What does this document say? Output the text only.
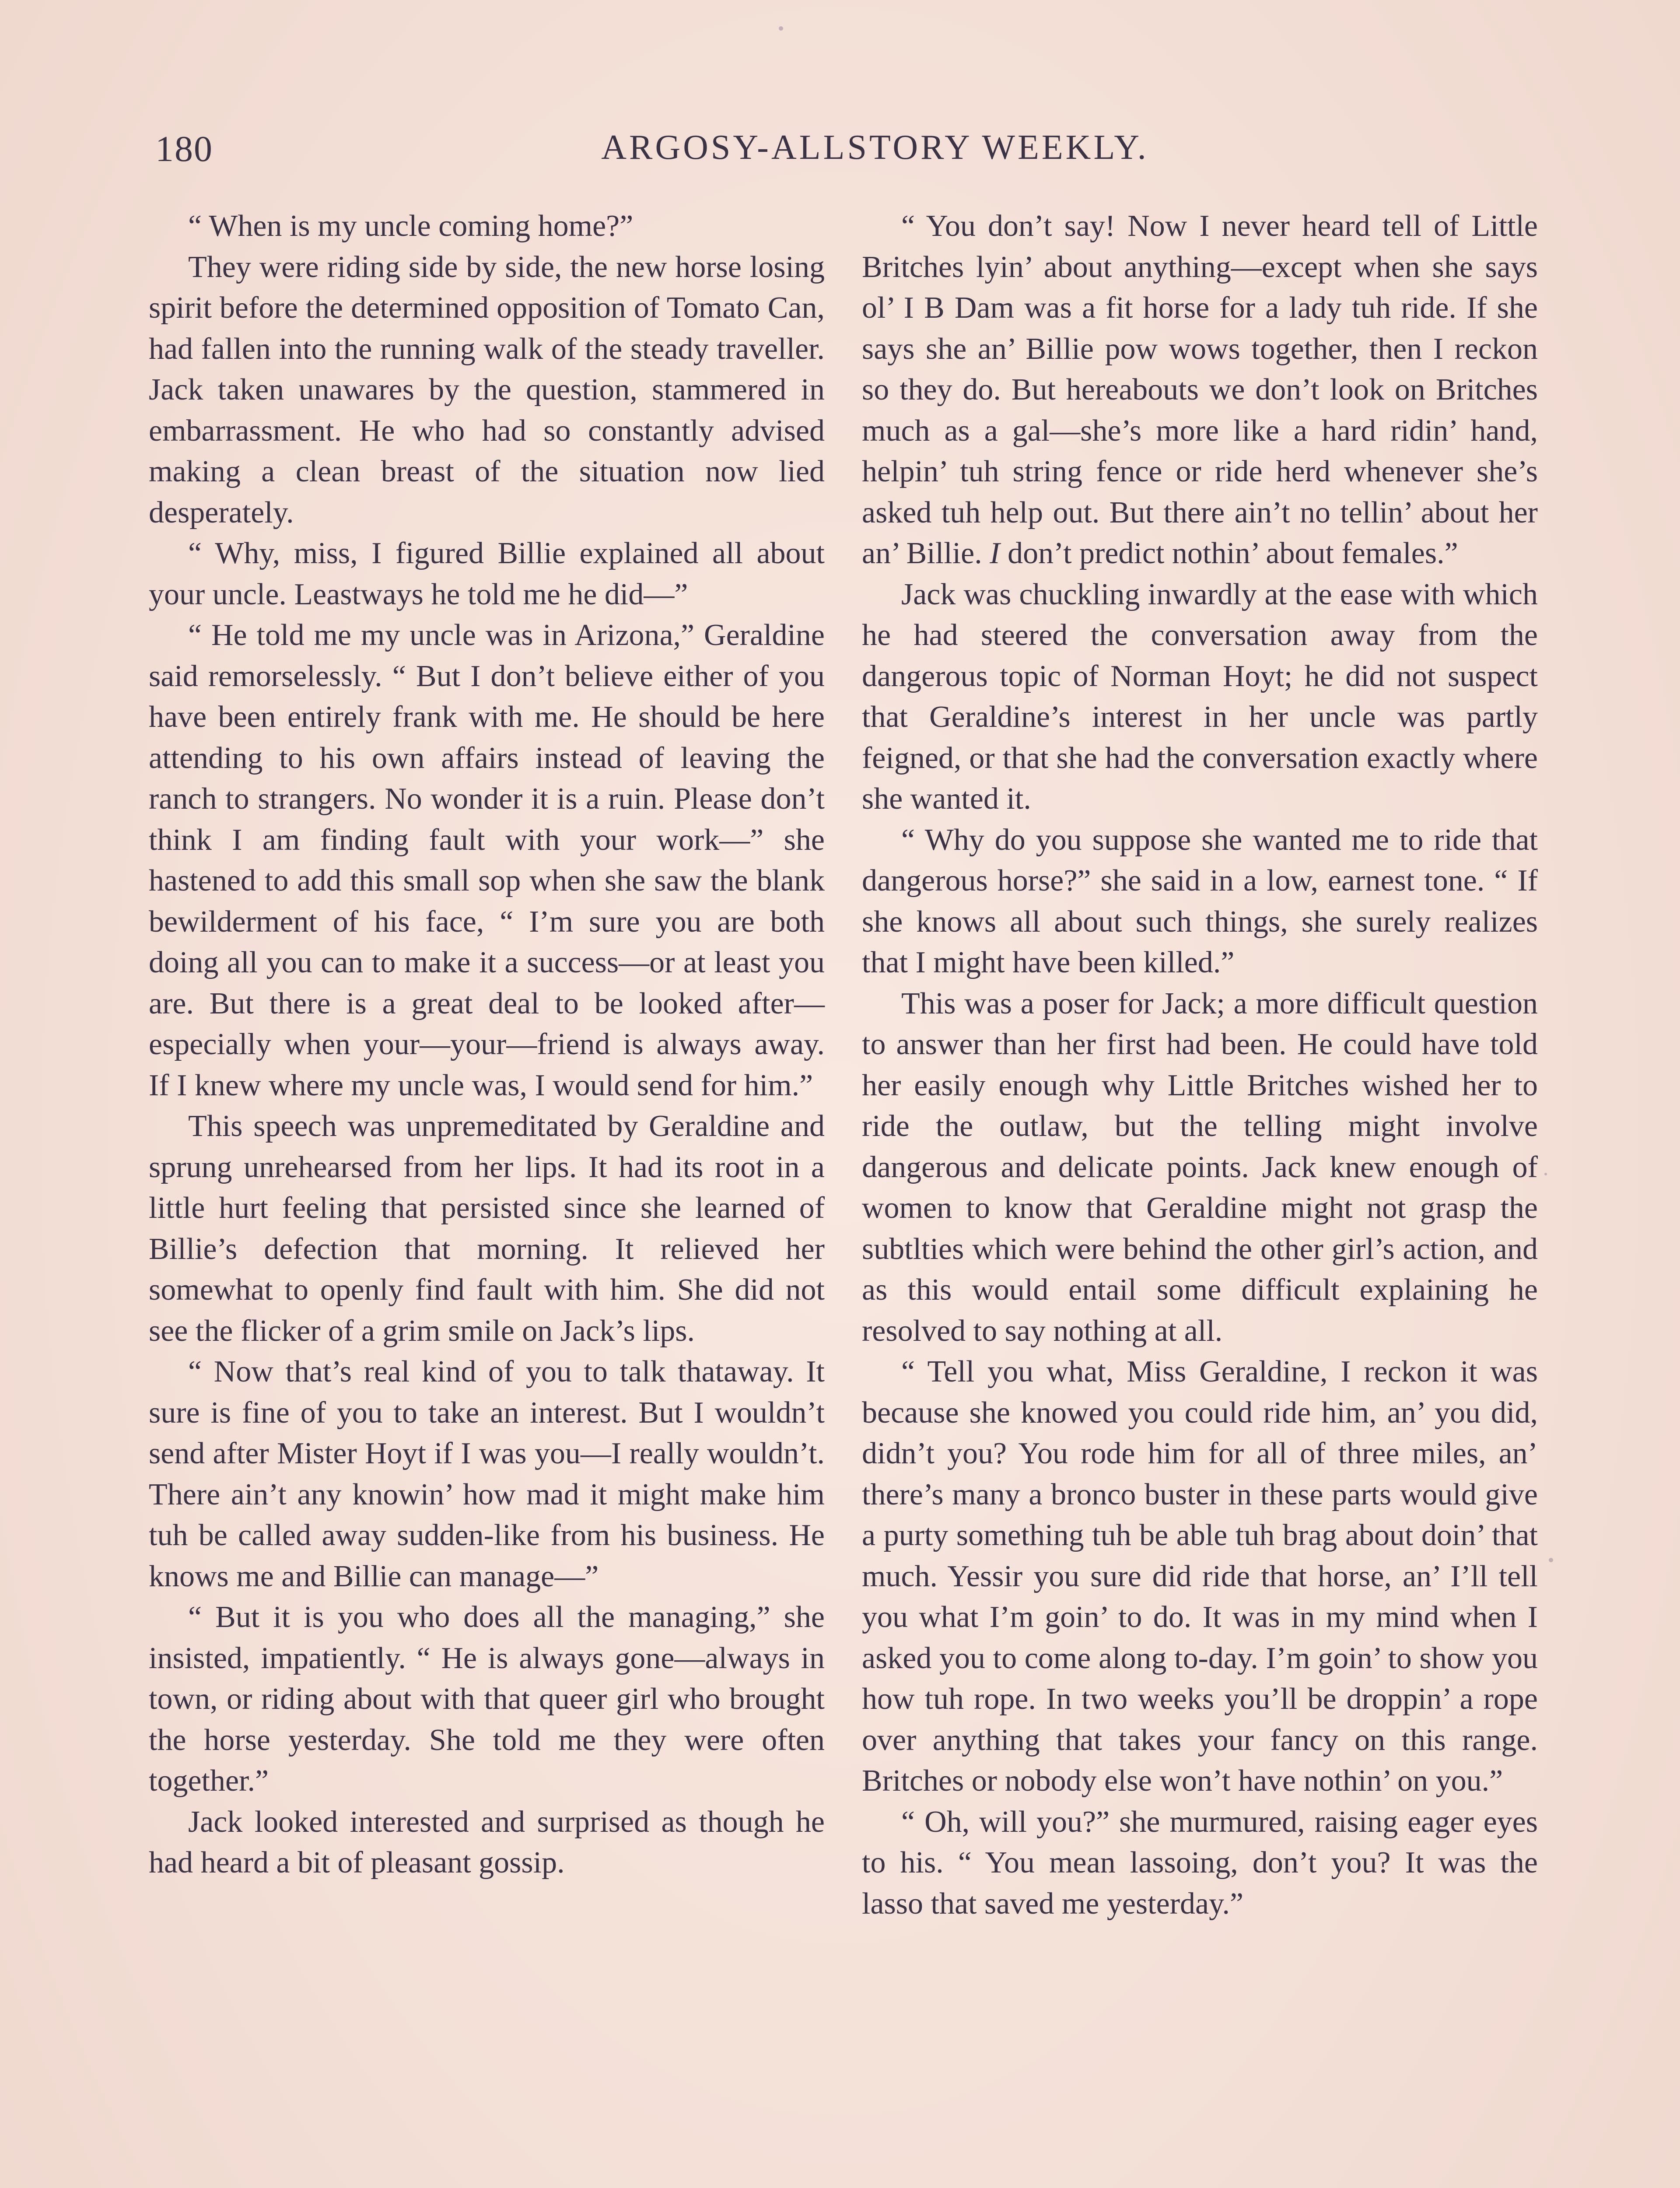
180	ARGOSY-ALLSTORY WEEKLY.

“ When is my uncle coming home?”

They were riding side by side, the new horse losing spirit before the determined opposition of Tomato Can, had fallen into the running walk of the steady traveller. Jack taken unawares by the question, stammered in embarrassment. He who had so constantly advised making a clean breast of the situation now lied desperately.

“ Why, miss, I figured Billie explained all about your uncle. Leastways he told me he did—”

“ He told me my uncle was in Arizona,” Geraldine said remorselessly. “ But I don’t believe either of you have been entirely frank with me. He should be here attending to his own affairs instead of leaving the ranch to strangers. No wonder it is a ruin. Please don’t think I am finding fault with your work—” she hastened to add this small sop when she saw the blank bewilderment of his face, “ I’m sure you are both doing all you can to make it a success—or at least you are. But there is a great deal to be looked after—especially when your—your—friend is always away. If I knew where my uncle was, I would send for him.”

This speech was unpremeditated by Geraldine and sprung unrehearsed from her lips. It had its root in a little hurt feeling that persisted since she learned of Billie’s defection that morning. It relieved her somewhat to openly find fault with him. She did not see the flicker of a grim smile on Jack’s lips.

“ Now that’s real kind of you to talk thataway. It sure is fine of you to take an interest. But I wouldn’t send after Mister Hoyt if I was you—I really wouldn’t. There ain’t any knowin’ how mad it might make him tuh be called away sudden-like from his business. He knows me and Billie can manage—”

“ But it is you who does all the managing,” she insisted, impatiently. “ He is always gone—always in town, or riding about with that queer girl who brought the horse yesterday. She told me they were often together.”

Jack looked interested and surprised as though he had heard a bit of pleasant gossip.

“ You don’t say! Now I never heard tell of Little Britches lyin’ about anything—except when she says ol’ I B Dam was a fit horse for a lady tuh ride. If she says she an’ Billie pow wows together, then I reckon so they do. But hereabouts we don’t look on Britches much as a gal—she’s more like a hard ridin’ hand, helpin’ tuh string fence or ride herd whenever she’s asked tuh help out. But there ain’t no tellin’ about her an’ Billie. I don’t predict nothin’ about females.”

Jack was chuckling inwardly at the ease with which he had steered the conversation away from the dangerous topic of Norman Hoyt; he did not suspect that Geraldine’s interest in her uncle was partly feigned, or that she had the conversation exactly where she wanted it.

“ Why do you suppose she wanted me to ride that dangerous horse?” she said in a low, earnest tone. “ If she knows all about such things, she surely realizes that I might have been killed.”

This was a poser for Jack; a more difficult question to answer than her first had been. He could have told her easily enough why Little Britches wished her to ride the outlaw, but the telling might involve dangerous and delicate points. Jack knew enough of women to know that Geraldine might not grasp the subtlties which were behind the other girl’s action, and as this would entail some difficult explaining he resolved to say nothing at all.

“ Tell you what, Miss Geraldine, I reckon it was because she knowed you could ride him, an’ you did, didn’t you? You rode him for all of three miles, an’ there’s many a bronco buster in these parts would give a purty something tuh be able tuh brag about doin’ that much. Yessir you sure did ride that horse, an’ I’ll tell you what I’m goin’ to do. It was in my mind when I asked you to come along to-day. I’m goin’ to show you how tuh rope. In two weeks you’ll be droppin’ a rope over anything that takes your fancy on this range. Britches or nobody else won’t have nothin’ on you.”

“ Oh, will you?” she murmured, raising eager eyes to his. “ You mean lassoing, don’t you? It was the lasso that saved me yesterday.”
